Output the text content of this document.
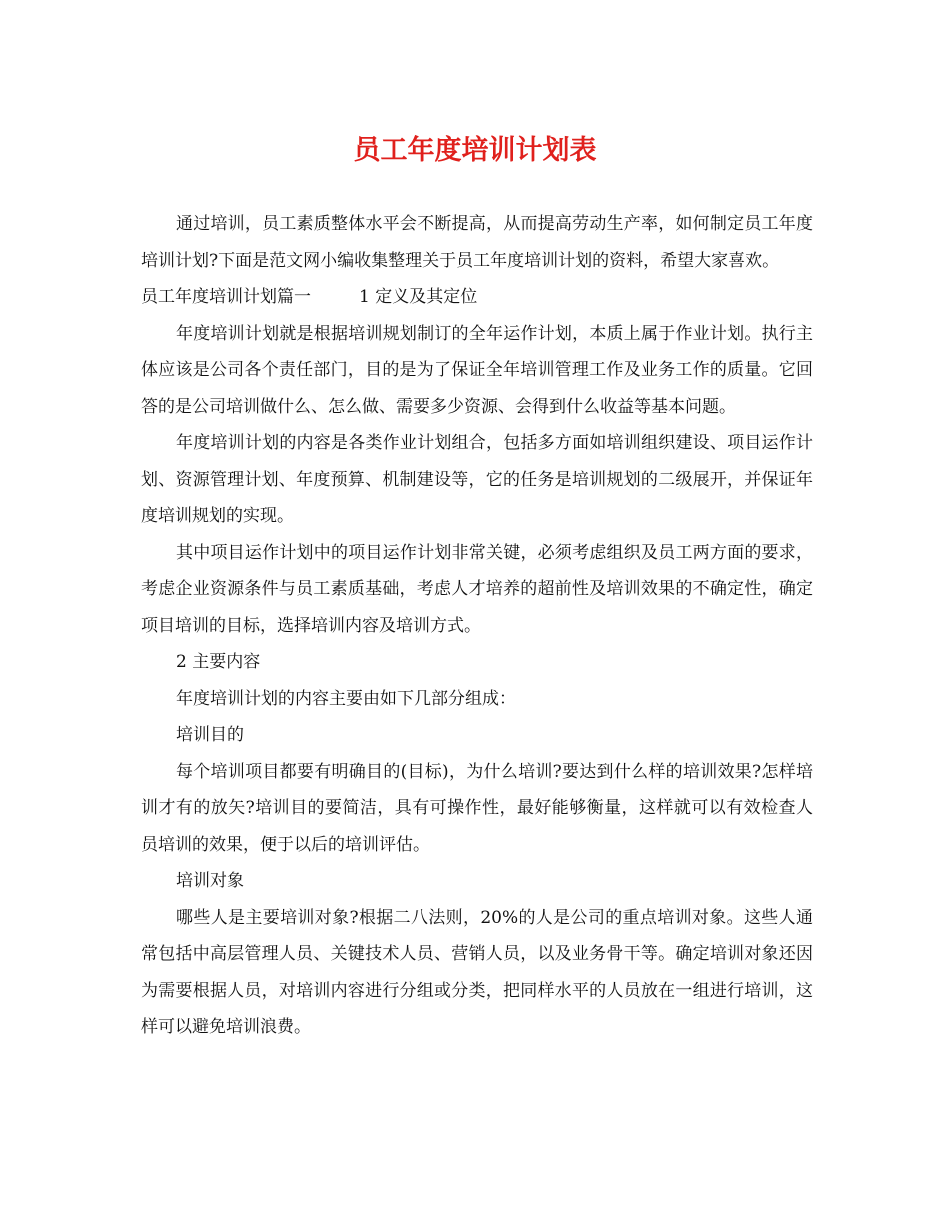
员工年度培训计划表

通过培训，员工素质整体水平会不断提高，从而提高劳动生产率，如何制定员工年度培训计划?下面是范文网小编收集整理关于员工年度培训计划的资料，希望大家喜欢。

员工年度培训计划篇一	1 定义及其定位

年度培训计划就是根据培训规划制订的全年运作计划，本质上属于作业计划。执行主体应该是公司各个责任部门，目的是为了保证全年培训管理工作及业务工作的质量。它回答的是公司培训做什么、怎么做、需要多少资源、会得到什么收益等基本问题。

年度培训计划的内容是各类作业计划组合，包括多方面如培训组织建设、项目运作计划、资源管理计划、年度预算、机制建设等，它的任务是培训规划的二级展开，并保证年度培训规划的实现。

其中项目运作计划中的项目运作计划非常关键，必须考虑组织及员工两方面的要求，考虑企业资源条件与员工素质基础，考虑人才培养的超前性及培训效果的不确定性，确定项目培训的目标，选择培训内容及培训方式。

2 主要内容

年度培训计划的内容主要由如下几部分组成：

培训目的

每个培训项目都要有明确目的(目标)，为什么培训?要达到什么样的培训效果?怎样培训才有的放矢?培训目的要简洁，具有可操作性，最好能够衡量，这样就可以有效检查人员培训的效果，便于以后的培训评估。

培训对象

哪些人是主要培训对象?根据二八法则，20%的人是公司的重点培训对象。这些人通常包括中高层管理人员、关键技术人员、营销人员，以及业务骨干等。确定培训对象还因为需要根据人员，对培训内容进行分组或分类，把同样水平的人员放在一组进行培训，这样可以避免培训浪费。
